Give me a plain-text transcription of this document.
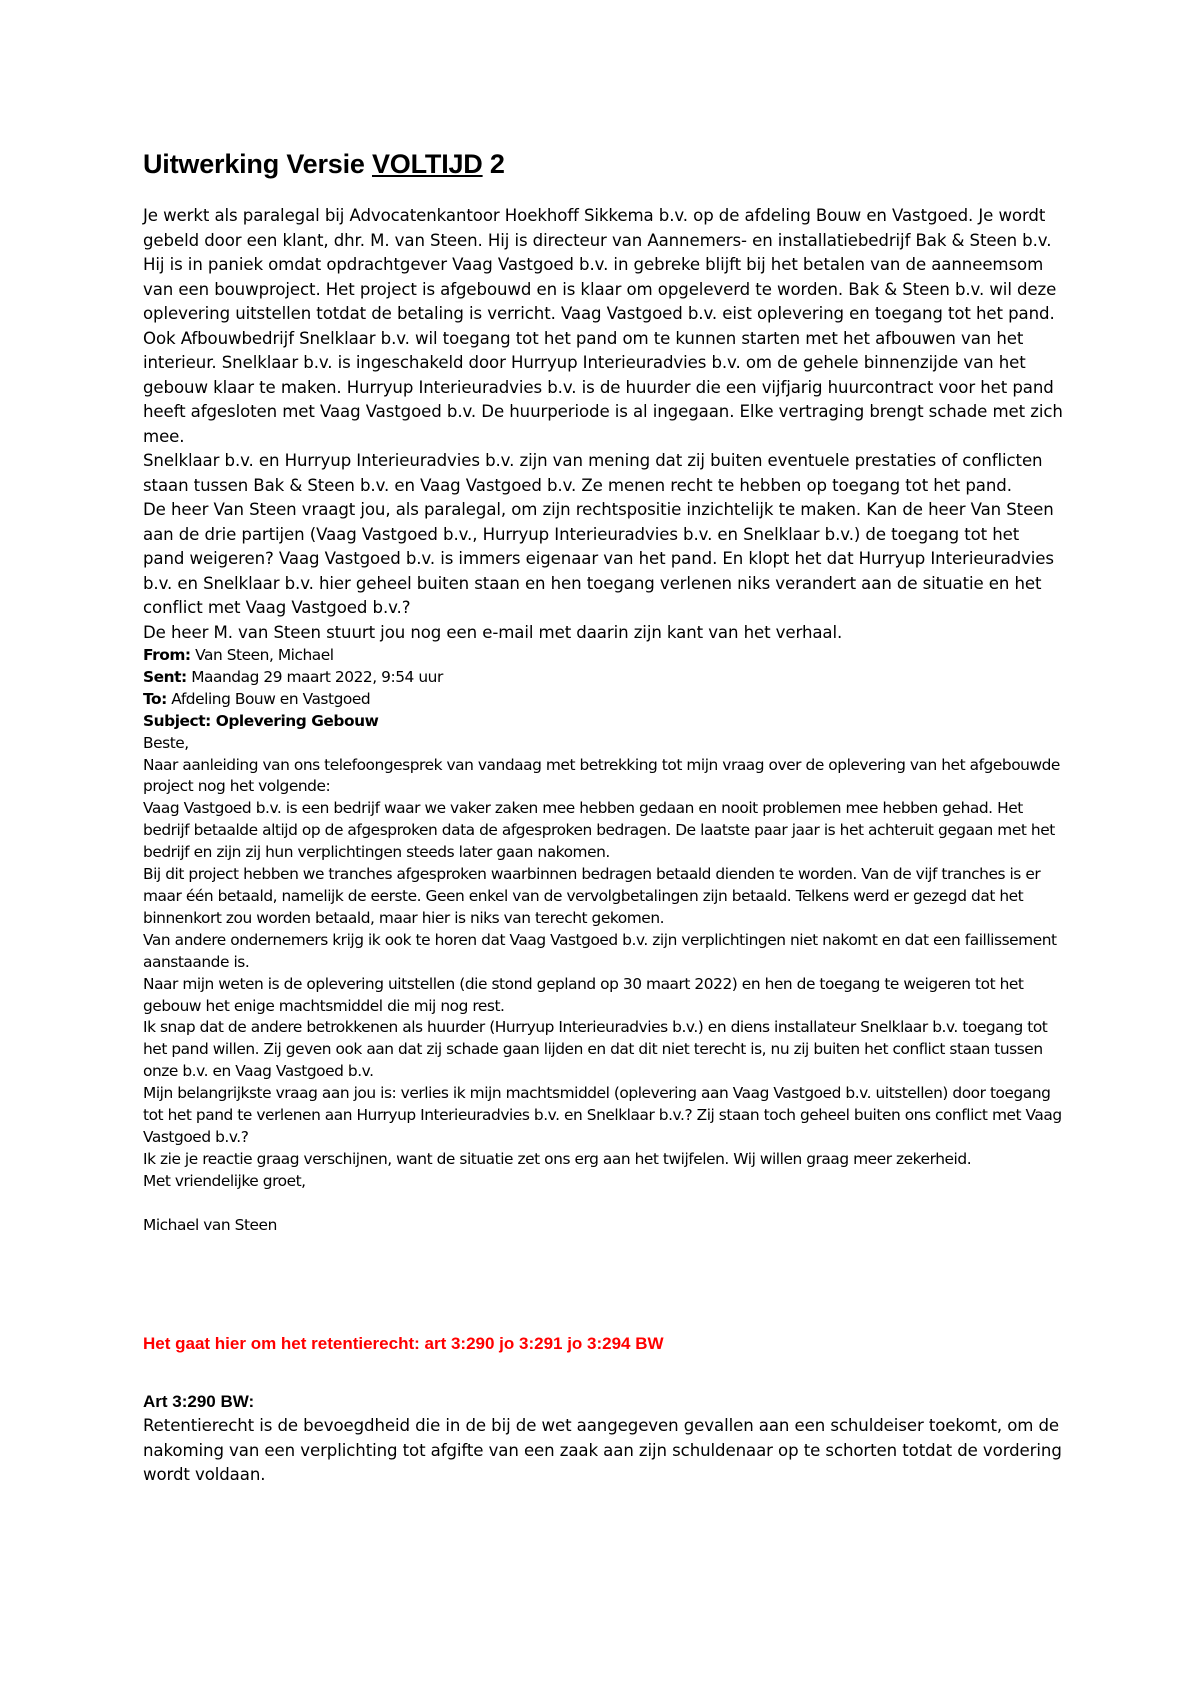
Uitwerking Versie VOLTIJD 2

Je werkt als paralegal bij Advocatenkantoor Hoekhoff Sikkema b.v. op de afdeling Bouw en Vastgoed. Je wordt gebeld door een klant, dhr. M. van Steen. Hij is directeur van Aannemers- en installatiebedrijf Bak & Steen b.v. Hij is in paniek omdat opdrachtgever Vaag Vastgoed b.v. in gebreke blijft bij het betalen van de aanneemsom van een bouwproject. Het project is afgebouwd en is klaar om opgeleverd te worden. Bak & Steen b.v. wil deze oplevering uitstellen totdat de betaling is verricht. Vaag Vastgoed b.v. eist oplevering en toegang tot het pand.

Ook Afbouwbedrijf Snelklaar b.v. wil toegang tot het pand om te kunnen starten met het afbouwen van het interieur. Snelklaar b.v. is ingeschakeld door Hurryup Interieuradvies b.v. om de gehele binnenzijde van het gebouw klaar te maken. Hurryup Interieuradvies b.v. is de huurder die een vijfjarig huurcontract voor het pand heeft afgesloten met Vaag Vastgoed b.v. De huurperiode is al ingegaan. Elke vertraging brengt schade met zich mee.

Snelklaar b.v. en Hurryup Interieuradvies b.v. zijn van mening dat zij buiten eventuele prestaties of conflicten staan tussen Bak & Steen b.v. en Vaag Vastgoed b.v. Ze menen recht te hebben op toegang tot het pand.

De heer Van Steen vraagt jou, als paralegal, om zijn rechtspositie inzichtelijk te maken. Kan de heer Van Steen aan de drie partijen (Vaag Vastgoed b.v., Hurryup Interieuradvies b.v. en Snelklaar b.v.) de toegang tot het pand weigeren? Vaag Vastgoed b.v. is immers eigenaar van het pand. En klopt het dat Hurryup Interieuradvies b.v. en Snelklaar b.v. hier geheel buiten staan en hen toegang verlenen niks verandert aan de situatie en het conflict met Vaag Vastgoed b.v.?

De heer M. van Steen stuurt jou nog een e-mail met daarin zijn kant van het verhaal.

From: Van Steen, Michael

Sent: Maandag 29 maart 2022, 9:54 uur

To: Afdeling Bouw en Vastgoed

Subject: Oplevering Gebouw

Beste,

Naar aanleiding van ons telefoongesprek van vandaag met betrekking tot mijn vraag over de oplevering van het afgebouwde project nog het volgende:

Vaag Vastgoed b.v. is een bedrijf waar we vaker zaken mee hebben gedaan en nooit problemen mee hebben gehad. Het bedrijf betaalde altijd op de afgesproken data de afgesproken bedragen. De laatste paar jaar is het achteruit gegaan met het bedrijf en zijn zij hun verplichtingen steeds later gaan nakomen.

Bij dit project hebben we tranches afgesproken waarbinnen bedragen betaald dienden te worden. Van de vijf tranches is er maar één betaald, namelijk de eerste. Geen enkel van de vervolgbetalingen zijn betaald. Telkens werd er gezegd dat het binnenkort zou worden betaald, maar hier is niks van terecht gekomen.

Van andere ondernemers krijg ik ook te horen dat Vaag Vastgoed b.v. zijn verplichtingen niet nakomt en dat een faillissement aanstaande is.

Naar mijn weten is de oplevering uitstellen (die stond gepland op 30 maart 2022) en hen de toegang te weigeren tot het gebouw het enige machtsmiddel die mij nog rest.

Ik snap dat de andere betrokkenen als huurder (Hurryup Interieuradvies b.v.) en diens installateur Snelklaar b.v. toegang tot het pand willen. Zij geven ook aan dat zij schade gaan lijden en dat dit niet terecht is, nu zij buiten het conflict staan tussen onze b.v. en Vaag Vastgoed b.v.

Mijn belangrijkste vraag aan jou is: verlies ik mijn machtsmiddel (oplevering aan Vaag Vastgoed b.v. uitstellen) door toegang tot het pand te verlenen aan Hurryup Interieuradvies b.v. en Snelklaar b.v.? Zij staan toch geheel buiten ons conflict met Vaag Vastgoed b.v.?

Ik zie je reactie graag verschijnen, want de situatie zet ons erg aan het twijfelen. Wij willen graag meer zekerheid.

Met vriendelijke groet,

Michael van Steen

Het gaat hier om het retentierecht: art 3:290 jo 3:291 jo 3:294 BW
Art 3:290 BW:

Retentierecht is de bevoegdheid die in de bij de wet aangegeven gevallen aan een schuldeiser toekomt, om de nakoming van een verplichting tot afgifte van een zaak aan zijn schuldenaar op te schorten totdat de vordering wordt voldaan.
